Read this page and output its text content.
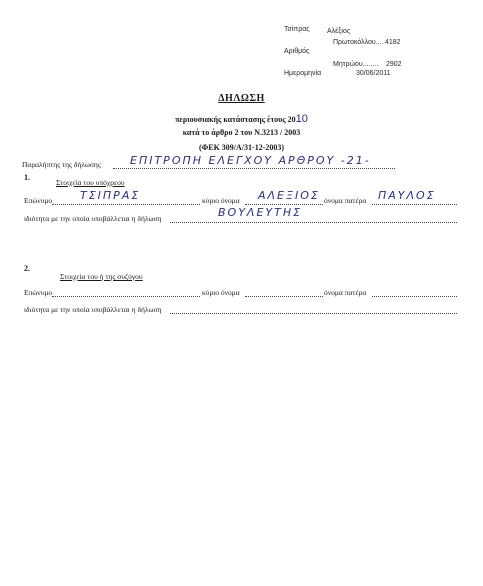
Τσίπρας Αλέξιος
Πρωτοκόλλου.... 4182
Αριθμός
Μητρώου........ 2902
Ημερομηνία	30/06/2011
ΔΗΛΩΣΗ
περιουσιακής κατάστασης έτους 2010
κατά το άρθρο 2 του Ν.3213 / 2003
(ΦΕΚ 309/Α/31-12-2003)
Παραλήπτης της δήλωσης	ΕΠΙΤΡΟΠΗ ΕΛΕΓΧΟΥ ΑΡΘΡΟΥ -21-
1.
Στοιχεία του υπόχρεου
Επώνυμο	ΤΣΙΠΡΑΣ	κύριο όνομα ΑΛΕΞΙΟΣ όνομα πατέρα ΠΑΥΛΟΣ
ιδιότητα με την οποία υποβάλλεται η δήλωση	ΒΟΥΛΕΥΤΗΣ
2.
Στοιχεία του ή της συζύγου
Επώνυμο	κύριο όνομα	όνομα πατέρα
ιδιότητα με την οποία υποβάλλεται η δήλωση
